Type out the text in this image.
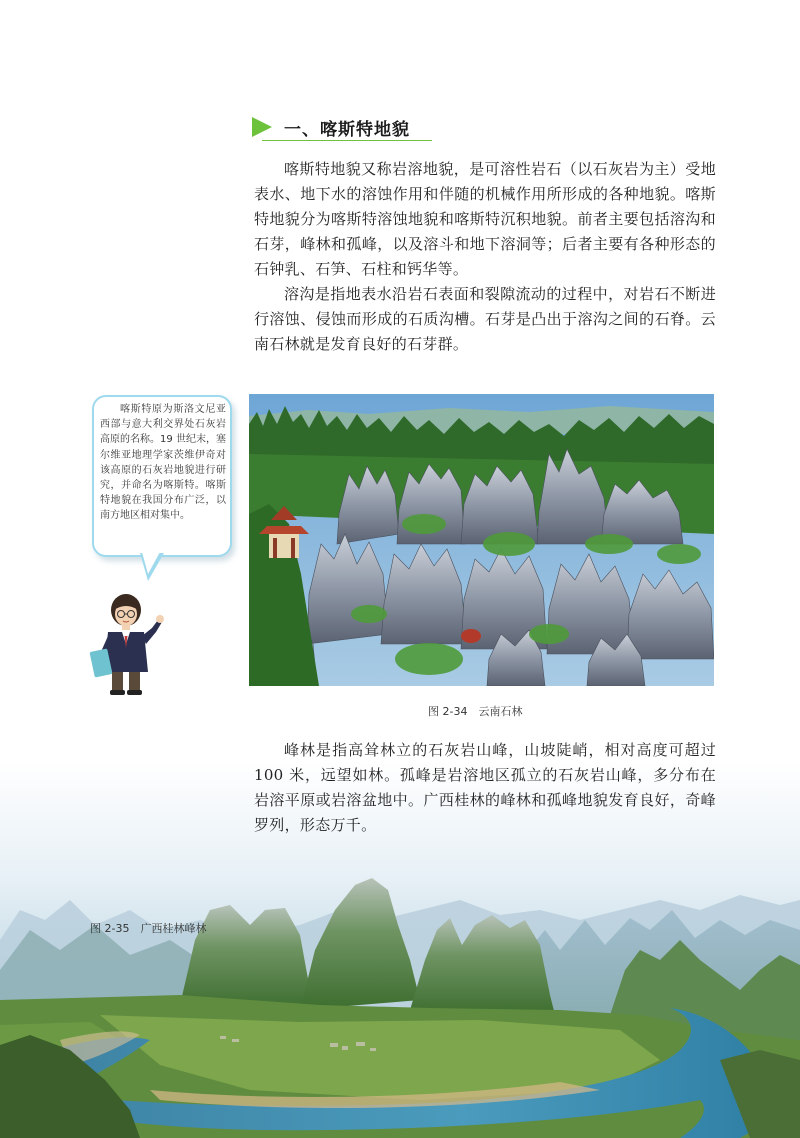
一、喀斯特地貌

喀斯特地貌又称岩溶地貌，是可溶性岩石（以石灰岩为主）受地表水、地下水的溶蚀作用和伴随的机械作用所形成的各种地貌。喀斯特地貌分为喀斯特溶蚀地貌和喀斯特沉积地貌。前者主要包括溶沟和石芽，峰林和孤峰，以及溶斗和地下溶洞等；后者主要有各种形态的石钟乳、石笋、石柱和钙华等。

溶沟是指地表水沿岩石表面和裂隙流动的过程中，对岩石不断进行溶蚀、侵蚀而形成的石质沟槽。石芽是凸出于溶沟之间的石脊。云南石林就是发育良好的石芽群。

喀斯特原为斯洛文尼亚西部与意大利交界处石灰岩高原的名称。19 世纪末，塞尔维亚地理学家茨维伊奇对该高原的石灰岩地貌进行研究，并命名为喀斯特。喀斯特地貌在我国分布广泛，以南方地区相对集中。
图 2-34　云南石林

峰林是指高耸林立的石灰岩山峰，山坡陡峭，相对高度可超过 100 米，远望如林。孤峰是岩溶地区孤立的石灰岩山峰，多分布在岩溶平原或岩溶盆地中。广西桂林的峰林和孤峰地貌发育良好，奇峰罗列，形态万千。

图 2-35　广西桂林峰林
